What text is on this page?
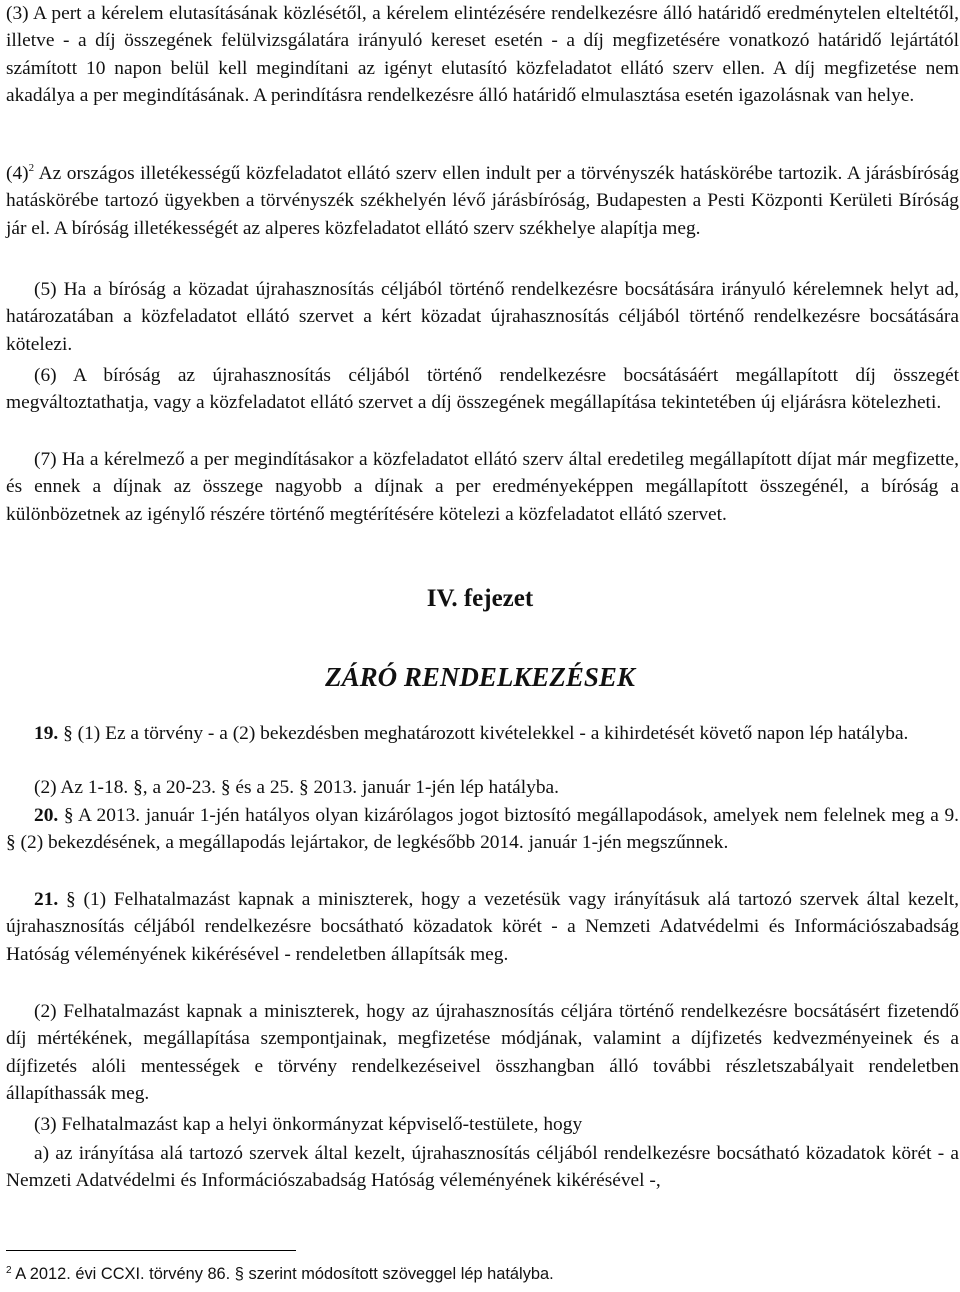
(3) A pert a kérelem elutasításának közlésétől, a kérelem elintézésére rendelkezésre álló határidő eredménytelen elteltétől, illetve - a díj összegének felülvizsgálatára irányuló kereset esetén - a díj megfizetésére vonatkozó határidő lejártától számított 10 napon belül kell megindítani az igényt elutasító közfeladatot ellátó szerv ellen. A díj megfizetése nem akadálya a per megindításának. A perindításra rendelkezésre álló határidő elmulasztása esetén igazolásnak van helye.

$(4)^2$ Az országos illetékességű közfeladatot ellátó szerv ellen indult per a törvényszék hatáskörébe tartozik. A járásbíróság hatáskörébe tartozó ügyekben a törvényszék székhelyén lévő járásbíróság, Budapesten a Pesti Központi Kerületi Bíróság jár el. A bíróság illetékességét az alperes közfeladatot ellátó szerv székhelye alapítja meg.

(5) Ha a bíróság a közadat újrahasznosítás céljából történő rendelkezésre bocsátására irányuló kérelemnek helyt ad, határozatában a közfeladatot ellátó szervet a kért közadat újrahasznosítás céljából történő rendelkezésre bocsátására kötelezi.

(6) A bíróság az újrahasznosítás céljából történő rendelkezésre bocsátásáért megállapított díj összegét megváltoztathatja, vagy a közfeladatot ellátó szervet a díj összegének megállapítása tekintetében új eljárásra kötelezheti.

(7) Ha a kérelmező a per megindításakor a közfeladatot ellátó szerv által eredetileg megállapított díjat már megfizette, és ennek a díjnak az összege nagyobb a díjnak a per eredményeképpen megállapított összegénél, a bíróság a különbözetnek az igénylő részére történő megtérítésére kötelezi a közfeladatot ellátó szervet.

IV. fejezet
ZÁRÓ RENDELKEZÉSEK

19. § (1) Ez a törvény - a (2) bekezdésben meghatározott kivételekkel - a kihirdetését követő napon lép hatályba.

(2) Az 1-18. §, a 20-23. § és a 25. § 2013. január 1-jén lép hatályba.

20. § A 2013. január 1-jén hatályos olyan kizárólagos jogot biztosító megállapodások, amelyek nem felelnek meg a 9. § (2) bekezdésének, a megállapodás lejártakor, de legkésőbb 2014. január 1-jén megszűnnek.

21. § (1) Felhatalmazást kapnak a miniszterek, hogy a vezetésük vagy irányításuk alá tartozó szervek által kezelt, újrahasznosítás céljából rendelkezésre bocsátható közadatok körét - a Nemzeti Adatvédelmi és Információszabadság Hatóság véleményének kikérésével - rendeletben állapítsák meg.

(2) Felhatalmazást kapnak a miniszterek, hogy az újrahasznosítás céljára történő rendelkezésre bocsátásért fizetendő díj mértékének, megállapítása szempontjainak, megfizetése módjának, valamint a díjfizetés kedvezményeinek és a díjfizetés alóli mentességek e törvény rendelkezéseivel összhangban álló további részletszabályait rendeletben állapíthassák meg.

(3) Felhatalmazást kap a helyi önkormányzat képviselő-testülete, hogy

a) az irányítása alá tartozó szervek által kezelt, újrahasznosítás céljából rendelkezésre bocsátható közadatok körét - a Nemzeti Adatvédelmi és Információszabadság Hatóság véleményének kikérésével -,

$^2$ A 2012. évi CCXI. törvény 86. § szerint módosított szöveggel lép hatályba.
